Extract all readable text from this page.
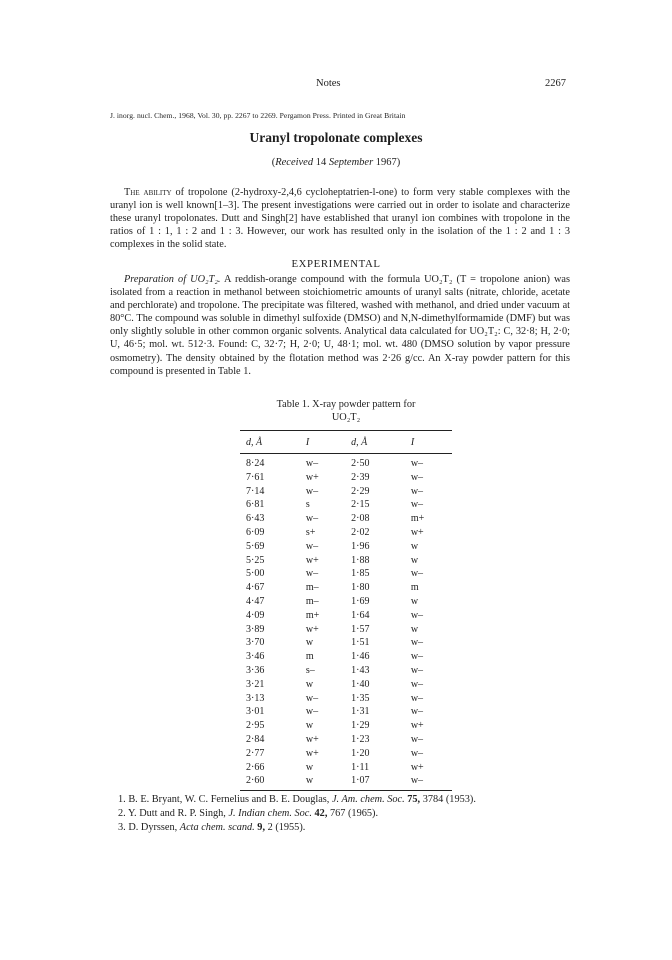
Notes	2267
J. inorg. nucl. Chem., 1968, Vol. 30, pp. 2267 to 2269. Pergamon Press. Printed in Great Britain
Uranyl tropolonate complexes
(Received 14 September 1967)
The ability of tropolone (2-hydroxy-2,4,6 cycloheptatrien-l-one) to form very stable complexes with the uranyl ion is well known[1–3]. The present investigations were carried out in order to isolate and characterize these uranyl tropolonates. Dutt and Singh[2] have established that uranyl ion combines with tropolone in the ratios of 1 : 1, 1 : 2 and 1 : 3. However, our work has resulted only in the isolation of the 1 : 2 and 1 : 3 complexes in the solid state.
EXPERIMENTAL
Preparation of UO₂T₂. A reddish-orange compound with the formula UO₂T₂ (T = tropolone anion) was isolated from a reaction in methanol between stoichiometric amounts of uranyl salts (nitrate, chloride, acetate and perchlorate) and tropolone. The precipitate was filtered, washed with methanol, and dried under vacuum at 80°C. The compound was soluble in dimethyl sulfoxide (DMSO) and N,N-dimethylformamide (DMF) but was only slightly soluble in other common organic solvents. Analytical data calculated for UO₂T₂: C, 32·8; H, 2·0; U, 46·5; mol. wt. 512·3. Found: C, 32·7; H, 2·0; U, 48·1; mol. wt. 480 (DMSO solution by vapor pressure osmometry). The density obtained by the flotation method was 2·26 g/cc. An X-ray powder pattern for this compound is presented in Table 1.
Table 1. X-ray powder pattern for
UO₂T₂
d, Å	I	d, Å	I
8·24	w–	2·50	w–
7·61	w+	2·39	w–
7·14	w–	2·29	w–
6·81	s	2·15	w–
6·43	w–	2·08	m+
6·09	s+	2·02	w+
5·69	w–	1·96	w
5·25	w+	1·88	w
5·00	w–	1·85	w–
4·67	m–	1·80	m
4·47	m–	1·69	w
4·09	m+	1·64	w–
3·89	w+	1·57	w
3·70	w	1·51	w–
3·46	m	1·46	w–
3·36	s–	1·43	w–
3·21	w	1·40	w–
3·13	w–	1·35	w–
3·01	w–	1·31	w–
2·95	w	1·29	w+
2·84	w+	1·23	w–
2·77	w+	1·20	w–
2·66	w	1·11	w+
2·60	w	1·07	w–
1. B. E. Bryant, W. C. Fernelius and B. E. Douglas, J. Am. chem. Soc. 75, 3784 (1953).
2. Y. Dutt and R. P. Singh, J. Indian chem. Soc. 42, 767 (1965).
3. D. Dyrssen, Acta chem. scand. 9, 2 (1955).
